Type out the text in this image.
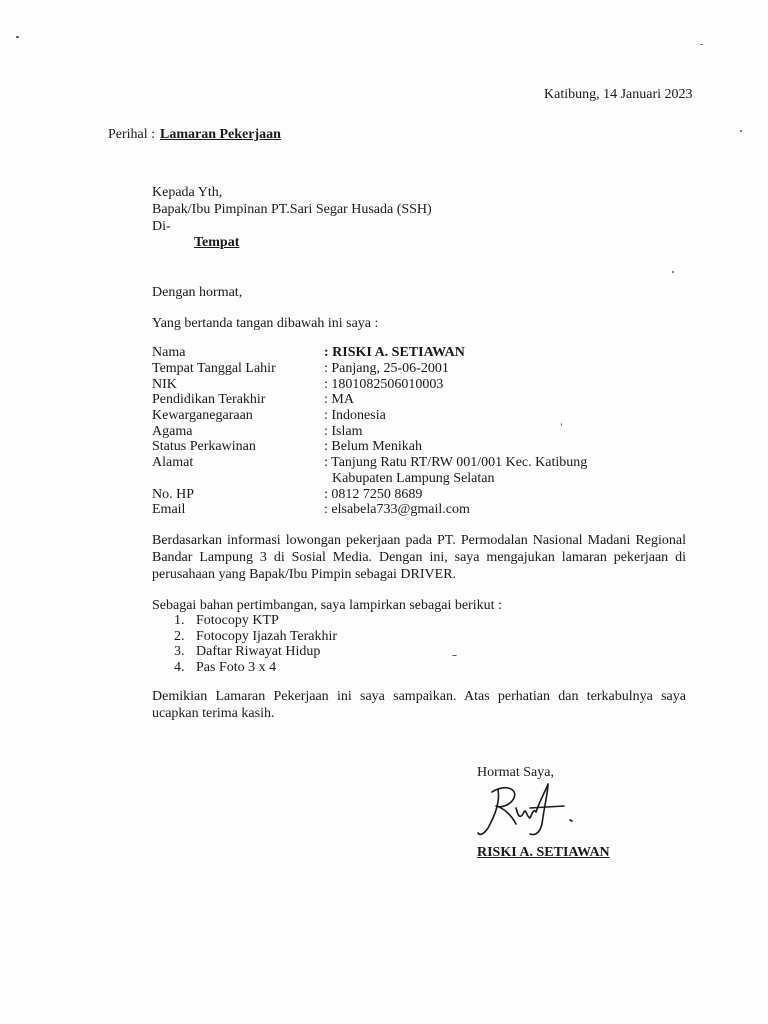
Katibung, 14 Januari 2023
Perihal : Lamaran Pekerjaan
Kepada Yth,
Bapak/Ibu Pimpinan PT.Sari Segar Husada (SSH)
Di-
Tempat
Dengan hormat,
Yang bertanda tangan dibawah ini saya :
Nama	: RISKI A. SETIAWAN
Tempat Tanggal Lahir	: Panjang, 25-06-2001
NIK	: 1801082506010003
Pendidikan Terakhir	: MA
Kewarganegaraan	: Indonesia
Agama	: Islam
Status Perkawinan	: Belum Menikah
Alamat	: Tanjung Ratu RT/RW 001/001 Kec. Katibung
Kabupaten Lampung Selatan
No. HP	: 0812 7250 8689
Email	: elsabela733@gmail.com
Berdasarkan informasi lowongan pekerjaan pada PT. Permodalan Nasional Madani Regional Bandar Lampung 3 di Sosial Media. Dengan ini, saya mengajukan lamaran pekerjaan di perusahaan yang Bapak/Ibu Pimpin sebagai DRIVER.
Sebagai bahan pertimbangan, saya lampirkan sebagai berikut :
1. Fotocopy KTP
2. Fotocopy Ijazah Terakhir
3. Daftar Riwayat Hidup
4. Pas Foto 3 x 4
Demikian Lamaran Pekerjaan ini saya sampaikan. Atas perhatian dan terkabulnya saya ucapkan terima kasih.
Hormat Saya,
RISKI A. SETIAWAN
